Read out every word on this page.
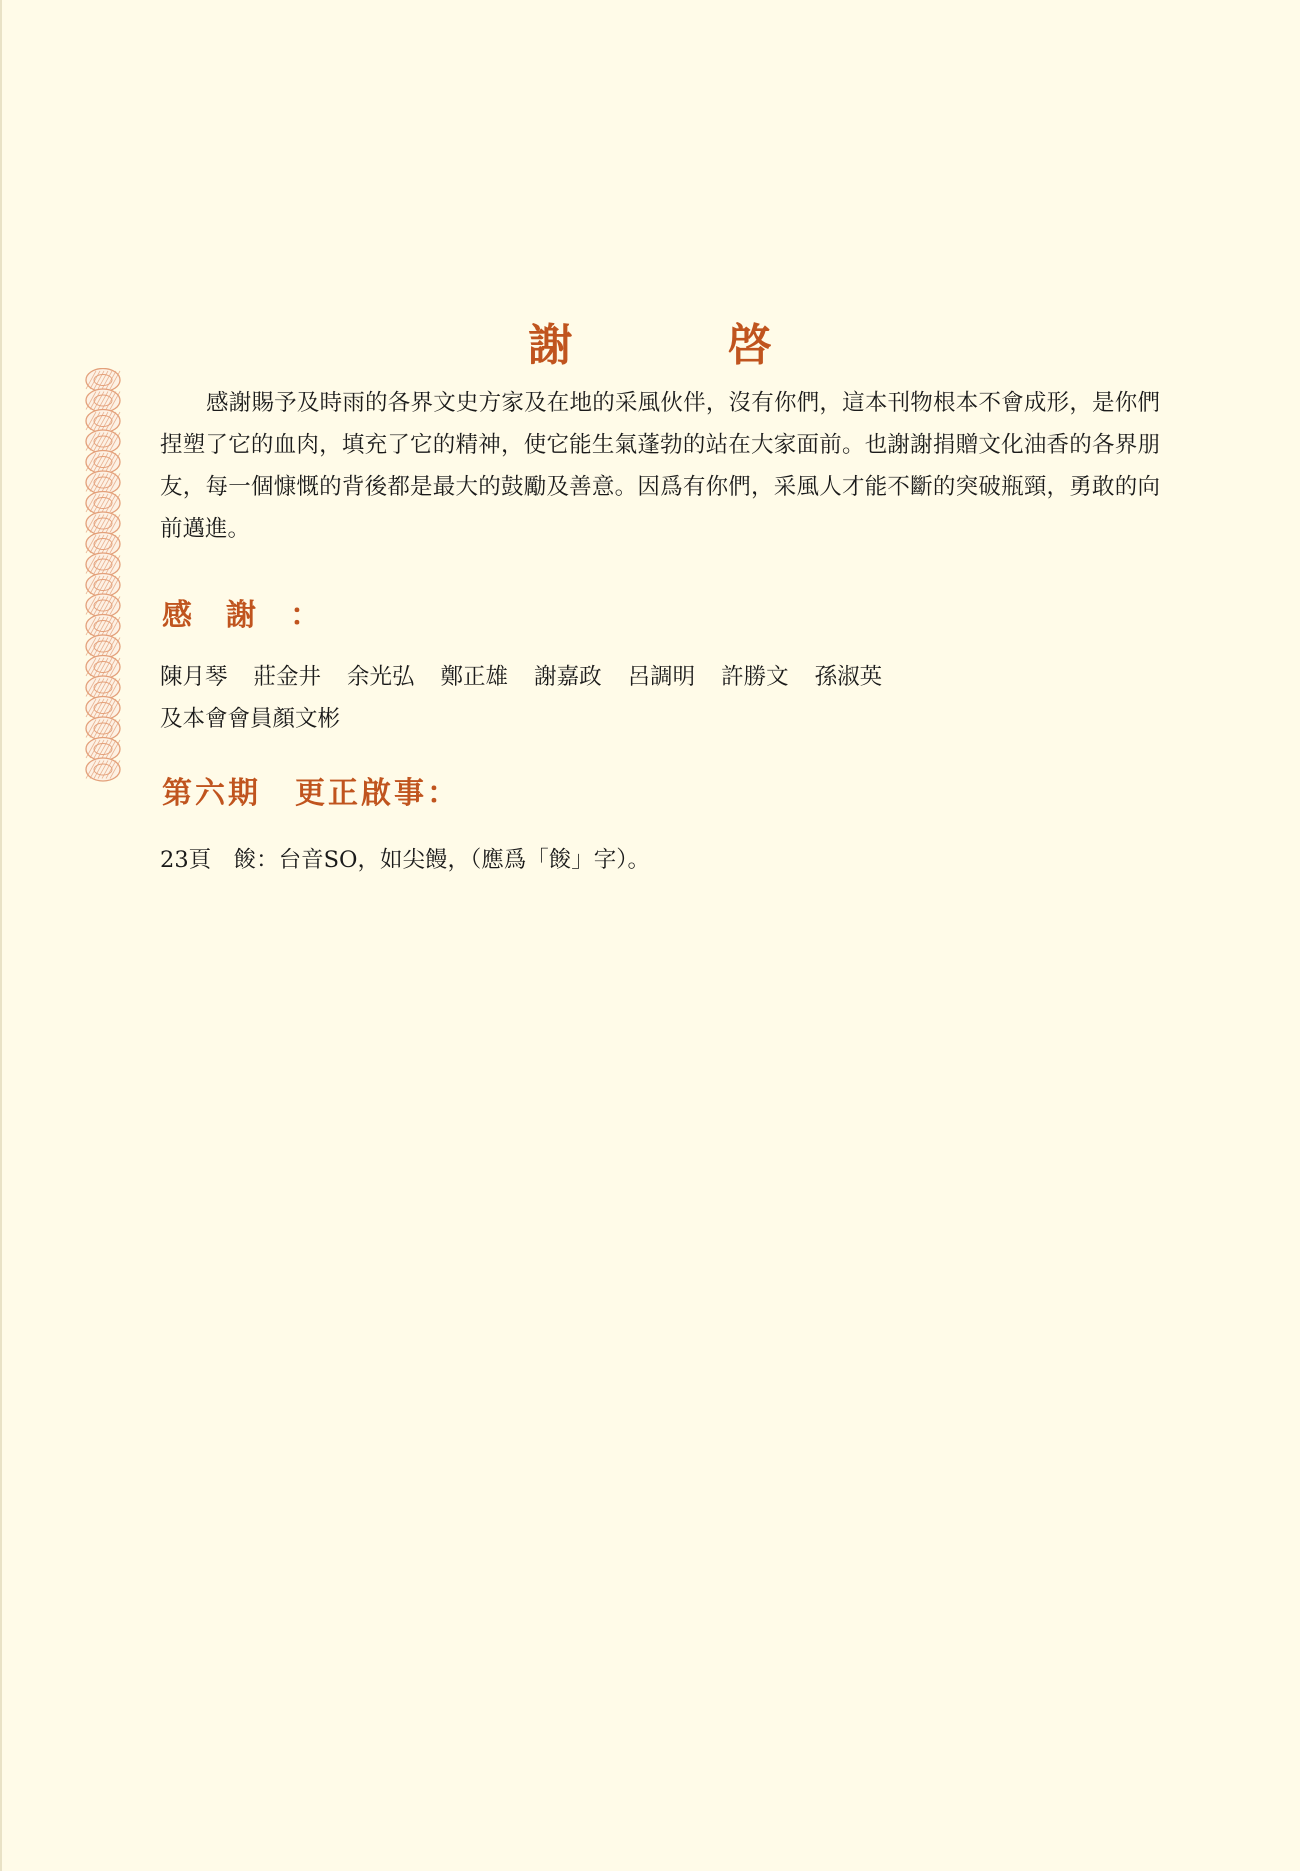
謝 啓

感謝賜予及時雨的各界文史方家及在地的采風伙伴，沒有你們，這本刊物根本不會成形，是你們捏塑了它的血肉，填充了它的精神，使它能生氣蓬勃的站在大家面前。也謝謝捐贈文化油香的各界朋友，每一個慷慨的背後都是最大的鼓勵及善意。因爲有你們，采風人才能不斷的突破瓶頸，勇敢的向前邁進。

感謝：
陳月琴 莊金井 余光弘 鄭正雄 謝嘉政 呂調明 許勝文 孫淑英
及本會會員顏文彬
第六期 更正啟事：

23頁　餕：台音SO，如尖饅，（應爲「餕」字）。
